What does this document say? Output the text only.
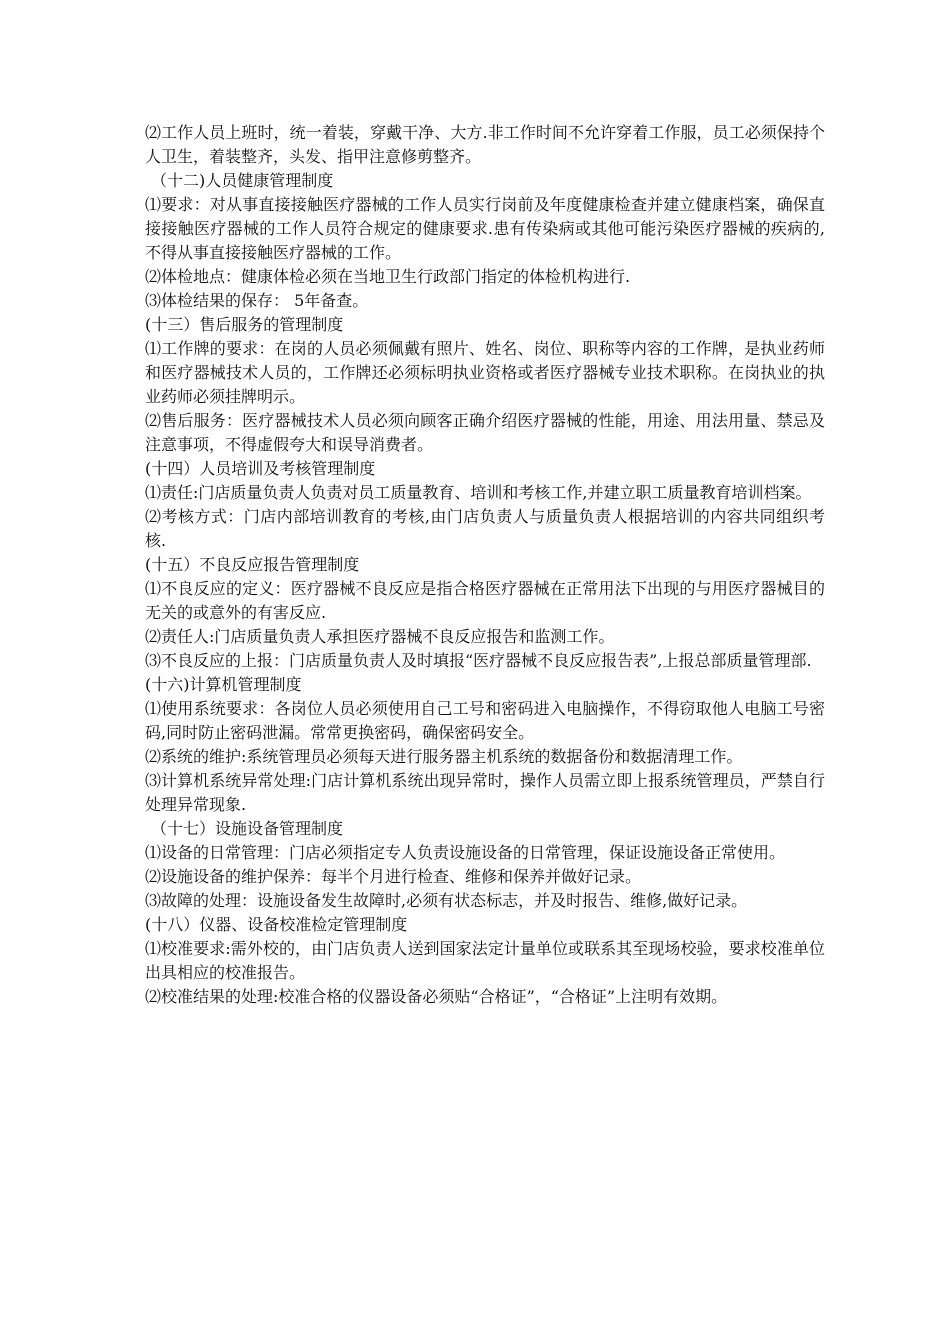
⑵工作人员上班时，统一着装，穿戴干净、大方.非工作时间不允许穿着工作服，员工必须保持个人卫生，着装整齐，头发、指甲注意修剪整齐。

（十二)人员健康管理制度

⑴要求：对从事直接接触医疗器械的工作人员实行岗前及年度健康检查并建立健康档案，确保直接接触医疗器械的工作人员符合规定的健康要求.患有传染病或其他可能污染医疗器械的疾病的,不得从事直接接触医疗器械的工作。

⑵体检地点：健康体检必须在当地卫生行政部门指定的体检机构进行.

⑶体检结果的保存： 5年备查。

(十三）售后服务的管理制度

⑴工作牌的要求：在岗的人员必须佩戴有照片、姓名、岗位、职称等内容的工作牌，是执业药师和医疗器械技术人员的，工作牌还必须标明执业资格或者医疗器械专业技术职称。在岗执业的执业药师必须挂牌明示。

⑵售后服务：医疗器械技术人员必须向顾客正确介绍医疗器械的性能，用途、用法用量、禁忌及注意事项，不得虚假夸大和误导消费者。

(十四）人员培训及考核管理制度

⑴责任:门店质量负责人负责对员工质量教育、培训和考核工作,并建立职工质量教育培训档案。

⑵考核方式：门店内部培训教育的考核,由门店负责人与质量负责人根据培训的内容共同组织考核.

(十五）不良反应报告管理制度

⑴不良反应的定义：医疗器械不良反应是指合格医疗器械在正常用法下出现的与用医疗器械目的无关的或意外的有害反应.

⑵责任人:门店质量负责人承担医疗器械不良反应报告和监测工作。

⑶不良反应的上报：门店质量负责人及时填报“医疗器械不良反应报告表”,上报总部质量管理部.

(十六)计算机管理制度

⑴使用系统要求：各岗位人员必须使用自己工号和密码进入电脑操作，不得窃取他人电脑工号密码,同时防止密码泄漏。常常更换密码，确保密码安全。

⑵系统的维护:系统管理员必须每天进行服务器主机系统的数据备份和数据清理工作。

⑶计算机系统异常处理:门店计算机系统出现异常时，操作人员需立即上报系统管理员，严禁自行处理异常现象.

（十七）设施设备管理制度

⑴设备的日常管理：门店必须指定专人负责设施设备的日常管理，保证设施设备正常使用。

⑵设施设备的维护保养：每半个月进行检查、维修和保养并做好记录。

⑶故障的处理：设施设备发生故障时,必须有状态标志，并及时报告、维修,做好记录。

(十八）仪器、设备校准检定管理制度

⑴校准要求:需外校的，由门店负责人送到国家法定计量单位或联系其至现场校验，要求校准单位出具相应的校准报告。

⑵校准结果的处理:校准合格的仪器设备必须贴“合格证”，“合格证”上注明有效期。
